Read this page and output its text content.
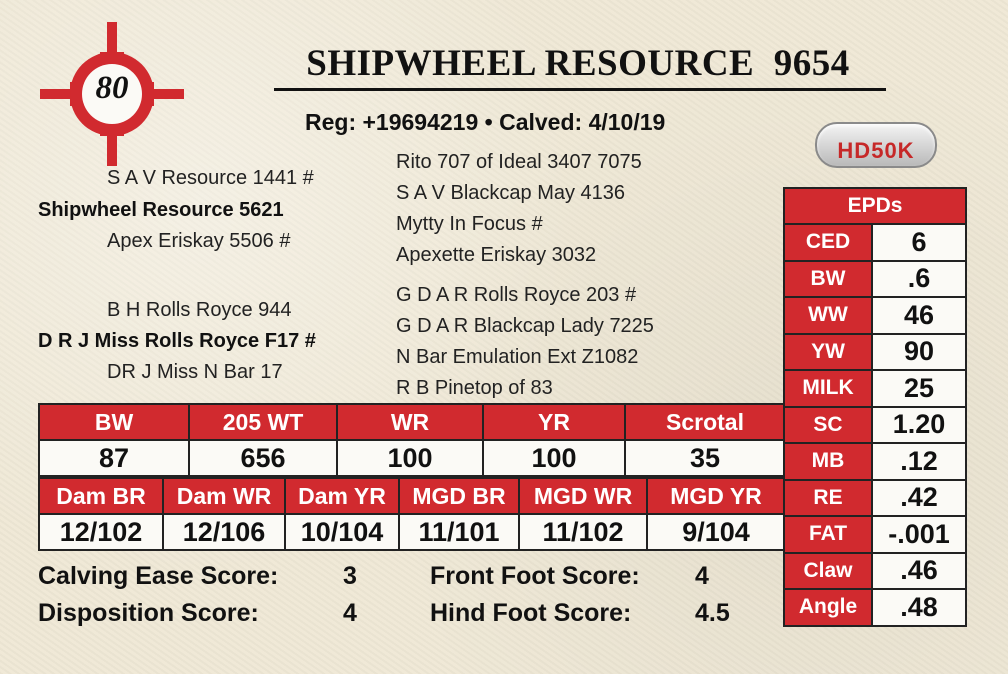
80
SHIPWHEEL RESOURCE  9654
Reg: +19694219 • Calved: 4/10/19
HD50K
S A V Resource 1441 #
Shipwheel Resource 5621
Apex Eriskay 5506 #
Rito 707 of Ideal 3407 7075
S A V Blackcap May 4136
Mytty In Focus #
Apexette Eriskay 3032
B H Rolls Royce 944
D R J Miss Rolls Royce F17 #
DR J Miss N Bar 17
G D A R Rolls Royce 203 #
G D A R Blackcap Lady 7225
N Bar Emulation Ext Z1082
R B Pinetop of 83
BW	205 WT	WR	YR	Scrotal
87	656	100	100	35
Dam BR	Dam WR	Dam YR	MGD BR	MGD WR	MGD YR
12/102	12/106	10/104	11/101	11/102	9/104
Calving Ease Score:	3
Disposition Score:	4
Front Foot Score: 4
Hind Foot Score:	4.5
EPDs	
CED	6
BW	.6
WW	46
YW	90
MILK	25
SC	1.20
MB	.12
RE	.42
FAT	-.001
Claw	.46
Angle	.48
